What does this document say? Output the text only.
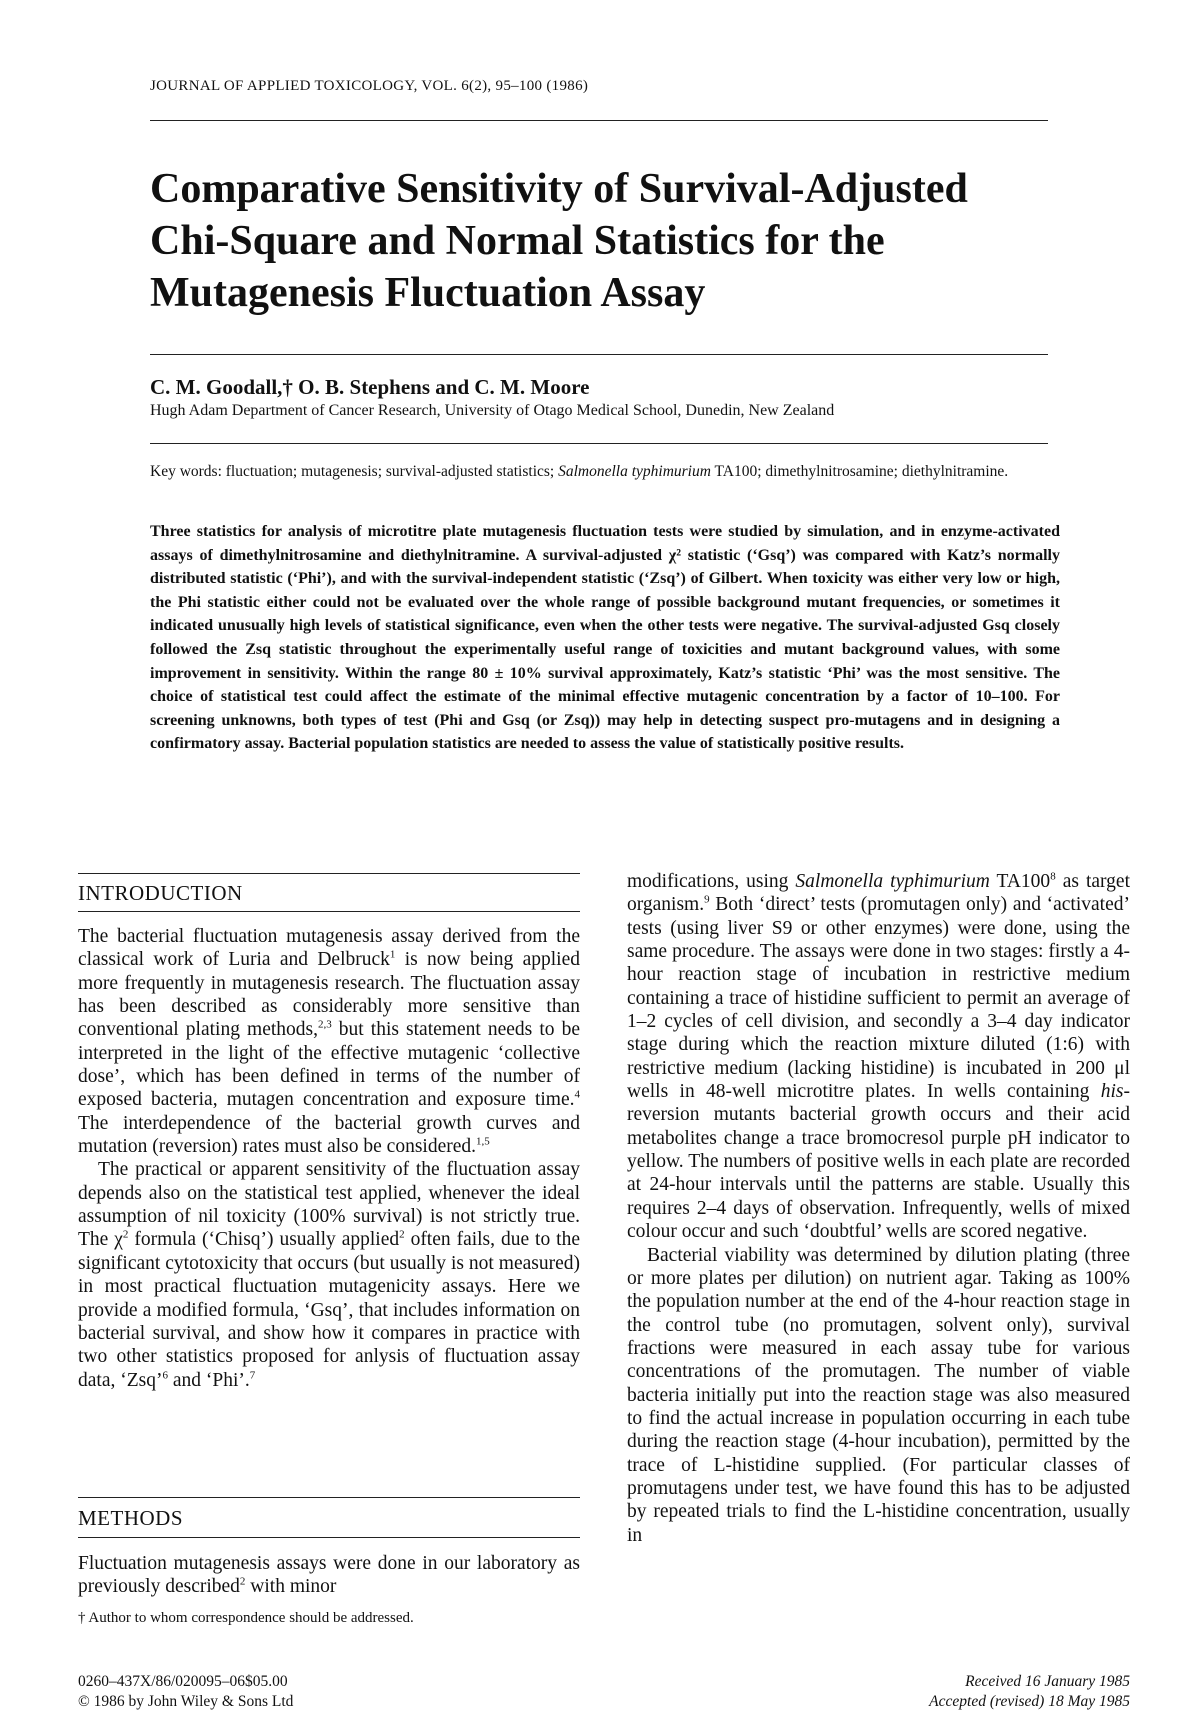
JOURNAL OF APPLIED TOXICOLOGY, VOL. 6(2), 95–100 (1986)
Comparative Sensitivity of Survival-Adjusted Chi-Square and Normal Statistics for the Mutagenesis Fluctuation Assay
C. M. Goodall,† O. B. Stephens and C. M. Moore
Hugh Adam Department of Cancer Research, University of Otago Medical School, Dunedin, New Zealand
Key words: fluctuation; mutagenesis; survival-adjusted statistics; Salmonella typhimurium TA100; dimethylnitrosamine; diethylnitramine.
Three statistics for analysis of microtitre plate mutagenesis fluctuation tests were studied by simulation, and in enzyme-activated assays of dimethylnitrosamine and diethylnitramine. A survival-adjusted χ² statistic (‘Gsq’) was compared with Katz’s normally distributed statistic (‘Phi’), and with the survival-independent statistic (‘Zsq’) of Gilbert. When toxicity was either very low or high, the Phi statistic either could not be evaluated over the whole range of possible background mutant frequencies, or sometimes it indicated unusually high levels of statistical significance, even when the other tests were negative. The survival-adjusted Gsq closely followed the Zsq statistic throughout the experimentally useful range of toxicities and mutant background values, with some improvement in sensitivity. Within the range 80 ± 10% survival approximately, Katz’s statistic ‘Phi’ was the most sensitive. The choice of statistical test could affect the estimate of the minimal effective mutagenic concentration by a factor of 10–100. For screening unknowns, both types of test (Phi and Gsq (or Zsq)) may help in detecting suspect pro-mutagens and in designing a confirmatory assay. Bacterial population statistics are needed to assess the value of statistically positive results.
INTRODUCTION

The bacterial fluctuation mutagenesis assay derived from the classical work of Luria and Delbruck$^1$ is now being applied more frequently in mutagenesis research. The fluctuation assay has been described as considerably more sensitive than conventional plating methods,$^{2,3}$ but this statement needs to be interpreted in the light of the effective mutagenic ‘collective dose’, which has been defined in terms of the number of exposed bacteria, mutagen concentration and exposure time.$^4$ The interdependence of the bacterial growth curves and mutation (reversion) rates must also be considered.$^{1,5}$

The practical or apparent sensitivity of the fluctuation assay depends also on the statistical test applied, whenever the ideal assumption of nil toxicity (100% survival) is not strictly true. The $\chi^2$ formula (‘Chisq’) usually applied$^2$ often fails, due to the significant cytotoxicity that occurs (but usually is not measured) in most practical fluctuation mutagenicity assays. Here we provide a modified formula, ‘Gsq’, that includes information on bacterial survival, and show how it compares in practice with two other statistics proposed for anlysis of fluctuation assay data, ‘Zsq’$^6$ and ‘Phi’.$^7$

METHODS

Fluctuation mutagenesis assays were done in our laboratory as previously described$^2$ with minor

† Author to whom correspondence should be addressed.

modifications, using Salmonella typhimurium $TA100^8$ as target organism.$^9$ Both ‘direct’ tests (promutagen only) and ‘activated’ tests (using liver S9 or other enzymes) were done, using the same procedure. The assays were done in two stages: firstly a 4-hour reaction stage of incubation in restrictive medium containing a trace of histidine sufficient to permit an average of 1–2 cycles of cell division, and secondly a 3–4 day indicator stage during which the reaction mixture diluted (1:6) with restrictive medium (lacking histidine) is incubated in 200 μl wells in 48-well microtitre plates. In wells containing his-reversion mutants bacterial growth occurs and their acid metabolites change a trace bromocresol purple pH indicator to yellow. The numbers of positive wells in each plate are recorded at 24-hour intervals until the patterns are stable. Usually this requires 2–4 days of observation. Infrequently, wells of mixed colour occur and such ‘doubtful’ wells are scored negative.

Bacterial viability was determined by dilution plating (three or more plates per dilution) on nutrient agar. Taking as 100% the population number at the end of the 4-hour reaction stage in the control tube (no promutagen, solvent only), survival fractions were measured in each assay tube for various concentrations of the promutagen. The number of viable bacteria initially put into the reaction stage was also measured to find the actual increase in population occurring in each tube during the reaction stage (4-hour incubation), permitted by the trace of L-histidine supplied. (For particular classes of promutagens under test, we have found this has to be adjusted by repeated trials to find the L-histidine concentration, usually in

0260–437X/86/020095–06$05.00
© 1986 by John Wiley & Sons Ltd
Received 16 January 1985
Accepted (revised) 18 May 1985
